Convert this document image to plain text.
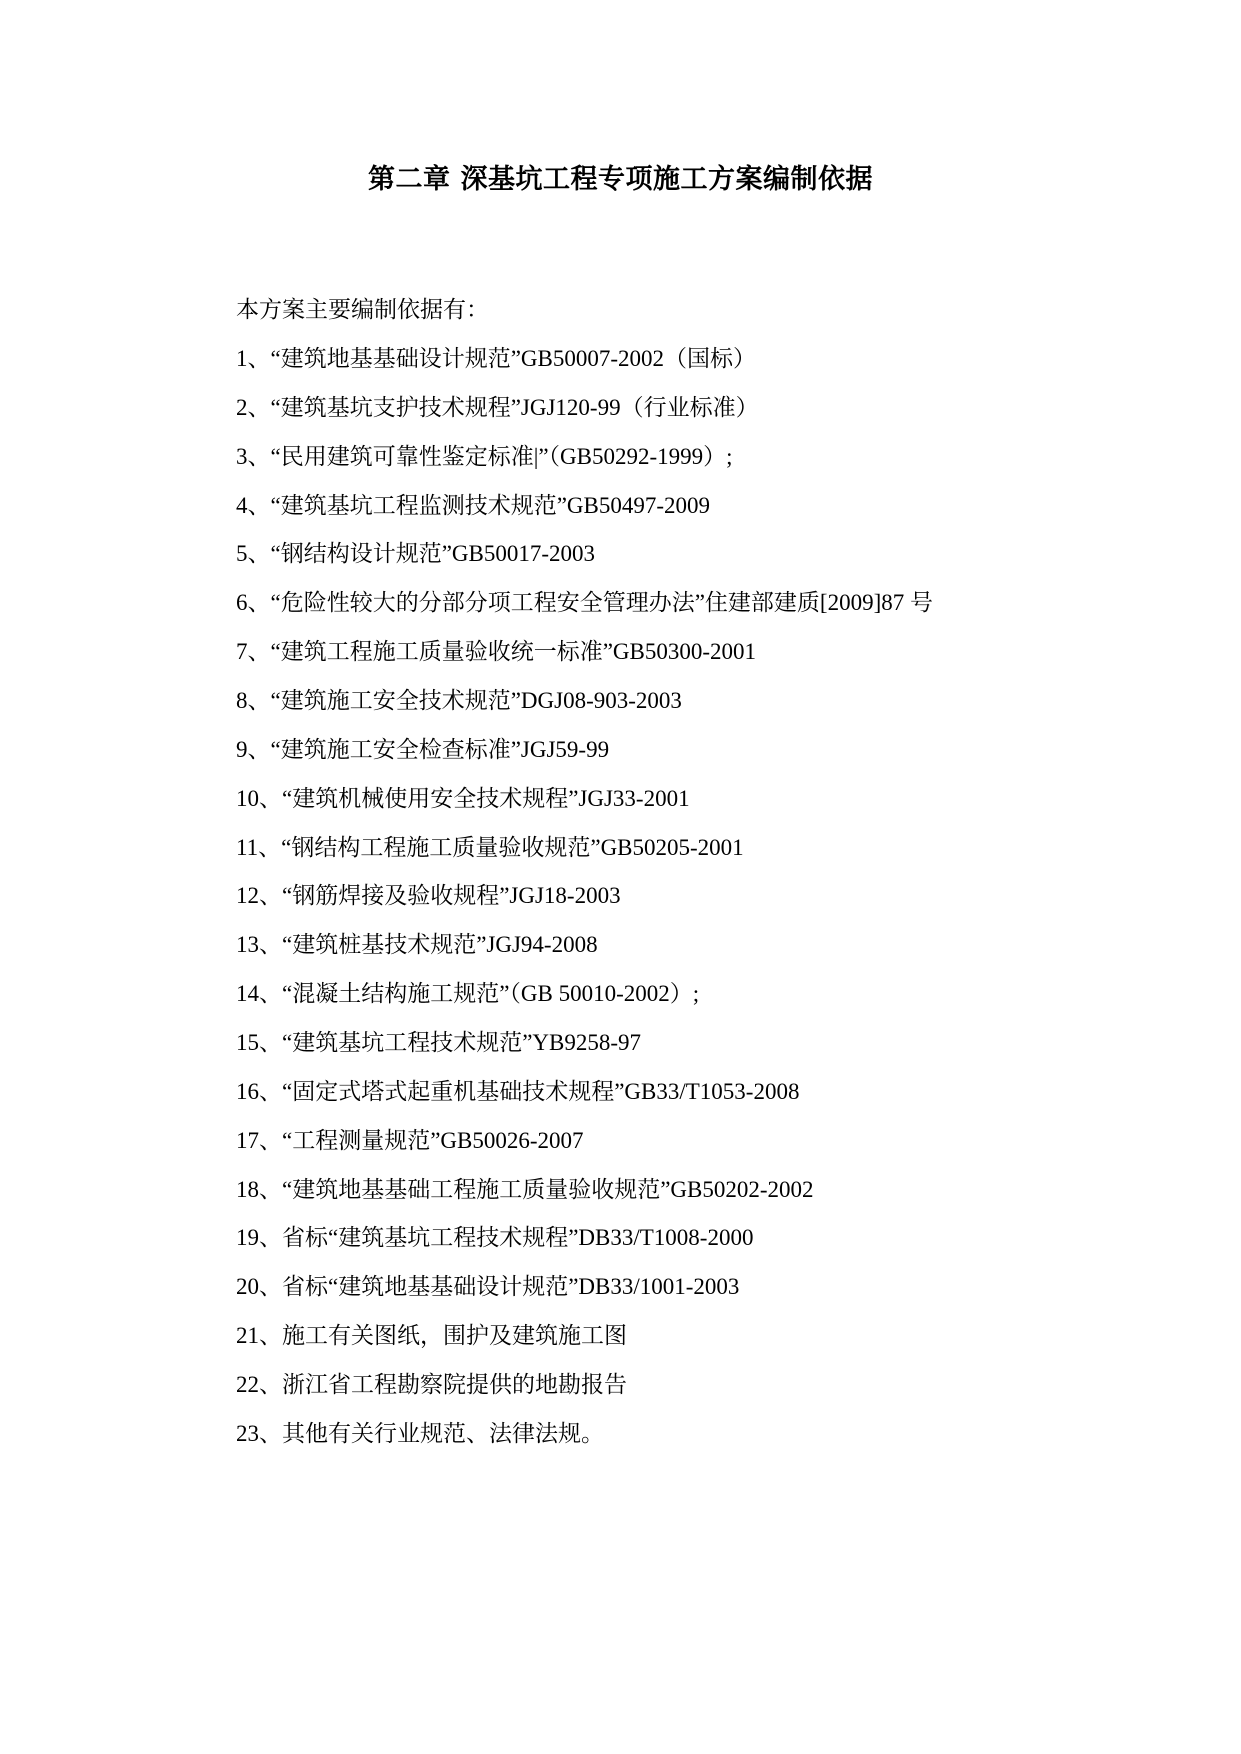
第二章 深基坑工程专项施工方案编制依据
本方案主要编制依据有：
1、“建筑地基基础设计规范”GB50007-2002（国标）
2、“建筑基坑支护技术规程”JGJ120-99（行业标准）
3、“民用建筑可靠性鉴定标准|”（GB50292-1999）;
4、“建筑基坑工程监测技术规范”GB50497-2009
5、“钢结构设计规范”GB50017-2003
6、“危险性较大的分部分项工程安全管理办法”住建部建质[2009]87 号
7、“建筑工程施工质量验收统一标准”GB50300-2001
8、“建筑施工安全技术规范”DGJ08-903-2003
9、“建筑施工安全检查标准”JGJ59-99
10、“建筑机械使用安全技术规程”JGJ33-2001
11、“钢结构工程施工质量验收规范”GB50205-2001
12、“钢筋焊接及验收规程”JGJ18-2003
13、“建筑桩基技术规范”JGJ94-2008
14、“混凝土结构施工规范”（GB 50010-2002）;
15、“建筑基坑工程技术规范”YB9258-97
16、“固定式塔式起重机基础技术规程”GB33/T1053-2008
17、“工程测量规范”GB50026-2007
18、“建筑地基基础工程施工质量验收规范”GB50202-2002
19、省标“建筑基坑工程技术规程”DB33/T1008-2000
20、省标“建筑地基基础设计规范”DB33/1001-2003
21、施工有关图纸，围护及建筑施工图
22、浙江省工程勘察院提供的地勘报告
23、其他有关行业规范、法律法规。
